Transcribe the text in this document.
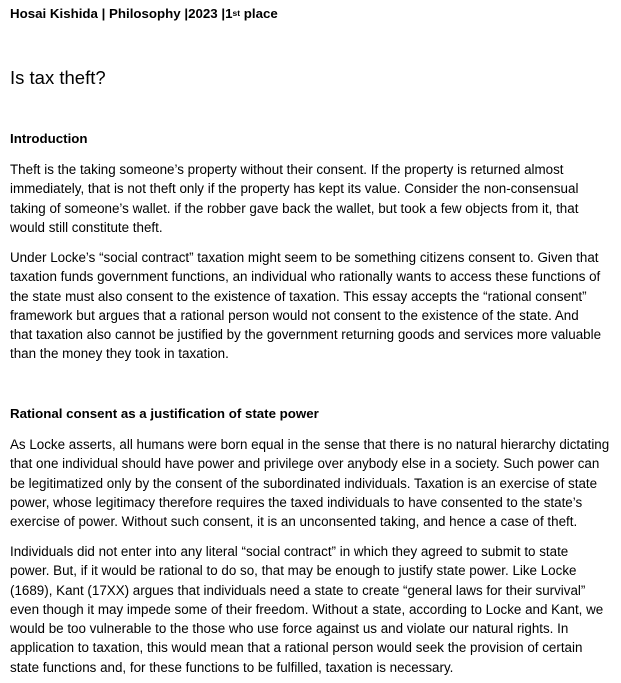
Hosai Kishida | Philosophy |2023 |1st place
Is tax theft?
Introduction
Theft is the taking someone’s property without their consent. If the property is returned almost
immediately, that is not theft only if the property has kept its value. Consider the non-consensual
taking of someone’s wallet. if the robber gave back the wallet, but took a few objects from it, that
would still constitute theft.
Under Locke’s “social contract” taxation might seem to be something citizens consent to. Given that
taxation funds government functions, an individual who rationally wants to access these functions of
the state must also consent to the existence of taxation. This essay accepts the “rational consent”
framework but argues that a rational person would not consent to the existence of the state. And
that taxation also cannot be justified by the government returning goods and services more valuable
than the money they took in taxation.
Rational consent as a justification of state power
As Locke asserts, all humans were born equal in the sense that there is no natural hierarchy dictating
that one individual should have power and privilege over anybody else in a society. Such power can
be legitimatized only by the consent of the subordinated individuals. Taxation is an exercise of state
power, whose legitimacy therefore requires the taxed individuals to have consented to the state’s
exercise of power. Without such consent, it is an unconsented taking, and hence a case of theft.
Individuals did not enter into any literal “social contract” in which they agreed to submit to state
power. But, if it would be rational to do so, that may be enough to justify state power. Like Locke
(1689), Kant (17XX) argues that individuals need a state to create “general laws for their survival”
even though it may impede some of their freedom. Without a state, according to Locke and Kant, we
would be too vulnerable to the those who use force against us and violate our natural rights. In
application to taxation, this would mean that a rational person would seek the provision of certain
state functions and, for these functions to be fulfilled, taxation is necessary.
